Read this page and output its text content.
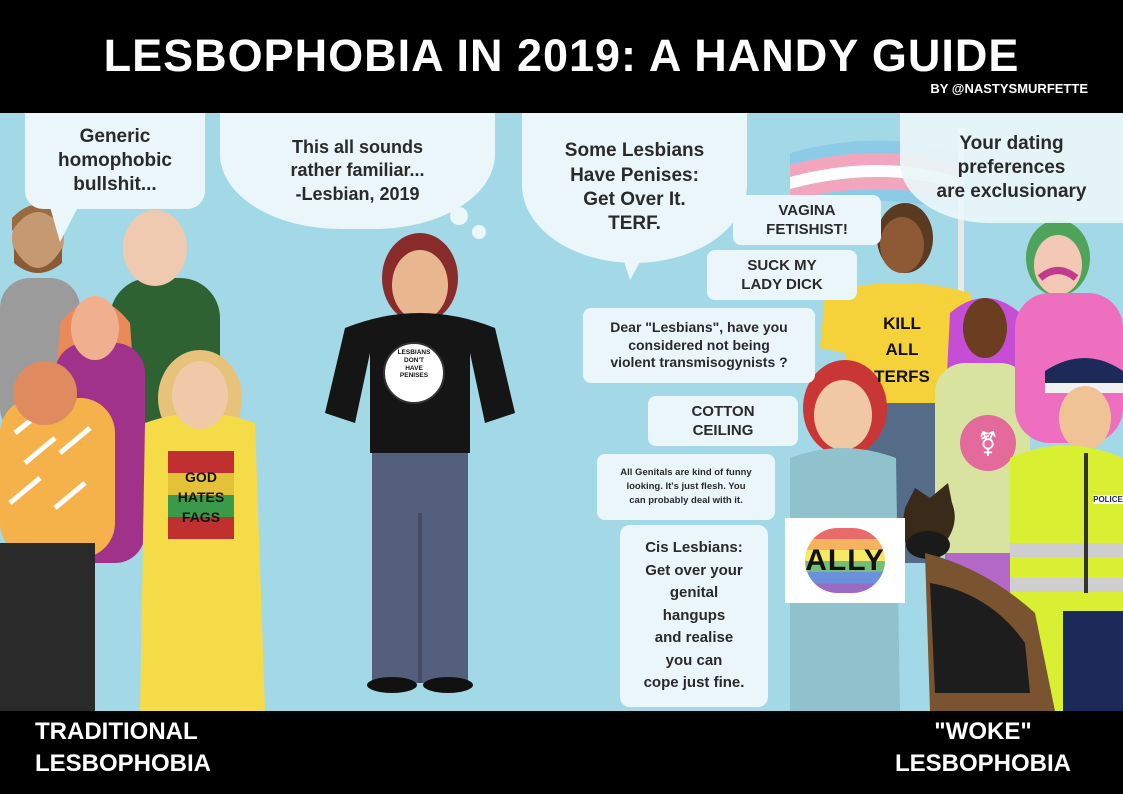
LESBOPHOBIA IN 2019: A HANDY GUIDE
BY @NASTYSMURFETTE
GOD
HATES
FAGS
LESBIANS
DON'T
HAVE
PENISES
KILL
ALL
TERFS
⚧
ALLY
POLICE
Generic
homophobic
bullshit...
This all sounds
rather familiar...
-Lesbian, 2019
Some Lesbians
Have Penises:
Get Over It.
TERF.
Your dating
preferences
are exclusionary
VAGINA
FETISHIST!
SUCK MY
LADY DICK
Dear "Lesbians", have you
considered not being
violent transmisogynists ?
COTTON
CEILING
All Genitals are kind of funny
looking. It's just flesh. You
can probably deal with it.
Cis Lesbians:
Get over your
genital
hangups
and realise
you can
cope just fine.
TRADITIONAL
LESBOPHOBIA
"WOKE"
LESBOPHOBIA
